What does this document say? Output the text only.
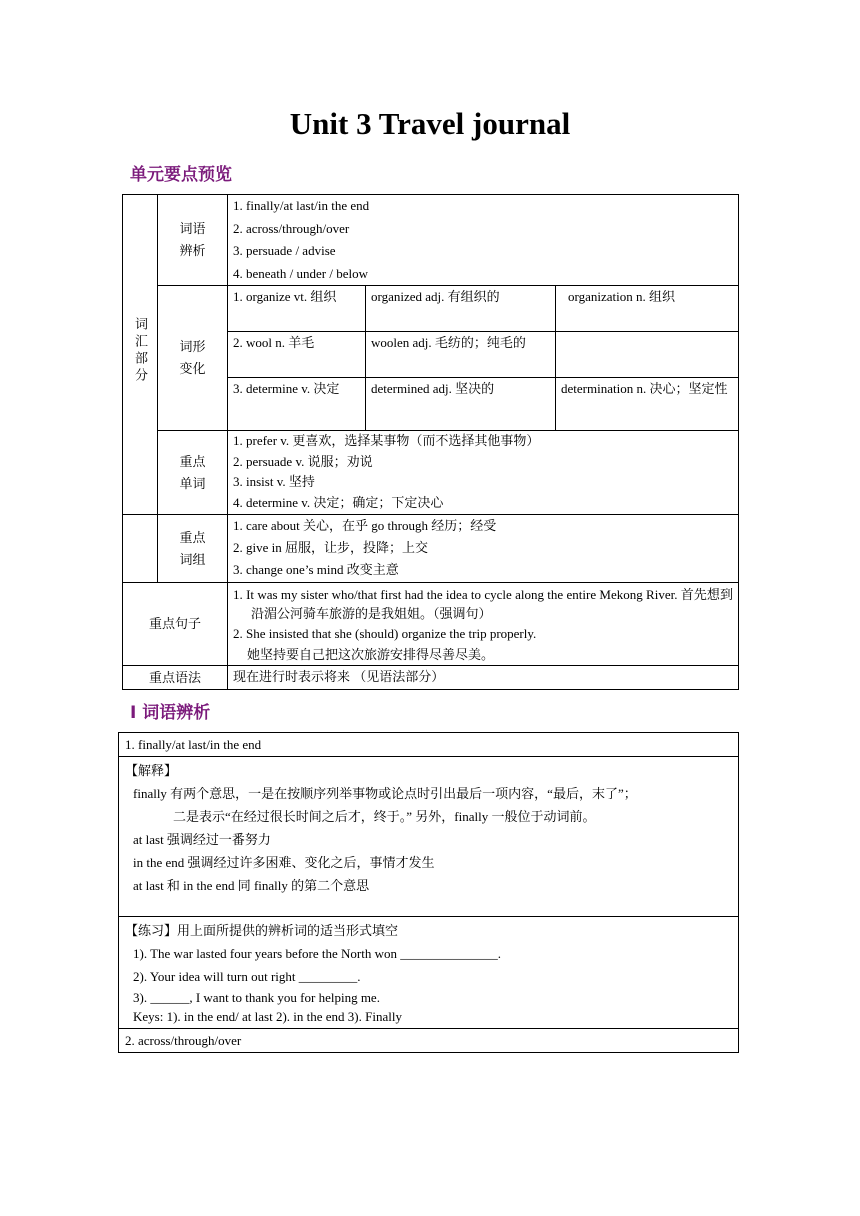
Unit 3 Travel journal
单元要点预览
词汇部分	词语辨析	1. finally/at last/in the end
2. across/through/over
3. persuade / advise
4. beneath / under / below		

	词形变化	1. organize vt. 组织	organized adj. 有组织的	organization n. 组织
		2. wool n. 羊毛	woolen adj. 毛纺的；纯毛的	
		3. determine v. 决定	determined adj. 坚决的	determination n. 决心；坚定性
	重点单词	1. prefer v. 更喜欢，选择某事物（而不选择其他事物）
2. persuade v. 说服；劝说
3. insist v. 坚持
4. determine v. 决定；确定；下定决心		

	重点词组	1. care about 关心，在乎 go through 经历；经受
2. give in 屈服，让步，投降；上交
3. change one’s mind 改变主意		

重点句子		1. It was my sister who/that first had the idea to cycle along the entire Mekong River. 首先想到沿湄公河骑车旅游的是我姐姐。（强调句）
2. She insisted that she (should) organize the trip properly.
她坚持要自己把这次旅游安排得尽善尽美。		

重点语法		现在进行时表示将来 （见语法部分）		
Ⅰ 词语辨析
1. finally/at last/in the end

【解释】
finally 有两个意思，一是在按顺序列举事物或论点时引出最后一项内容，“最后，末了”；
二是表示“在经过很长时间之后才，终于。” 另外，finally 一般位于动词前。
at last 强调经过一番努力
in the end 强调经过许多困难、变化之后，事情才发生
at last 和 in the end 同 finally 的第二个意思

【练习】用上面所提供的辨析词的适当形式填空
1). The war lasted four years before the North won _______________.
2). Your idea will turn out right _________.
3). ______, I want to thank you for helping me.
Keys: 1). in the end/ at last 2). in the end 3). Finally

2. across/through/over
